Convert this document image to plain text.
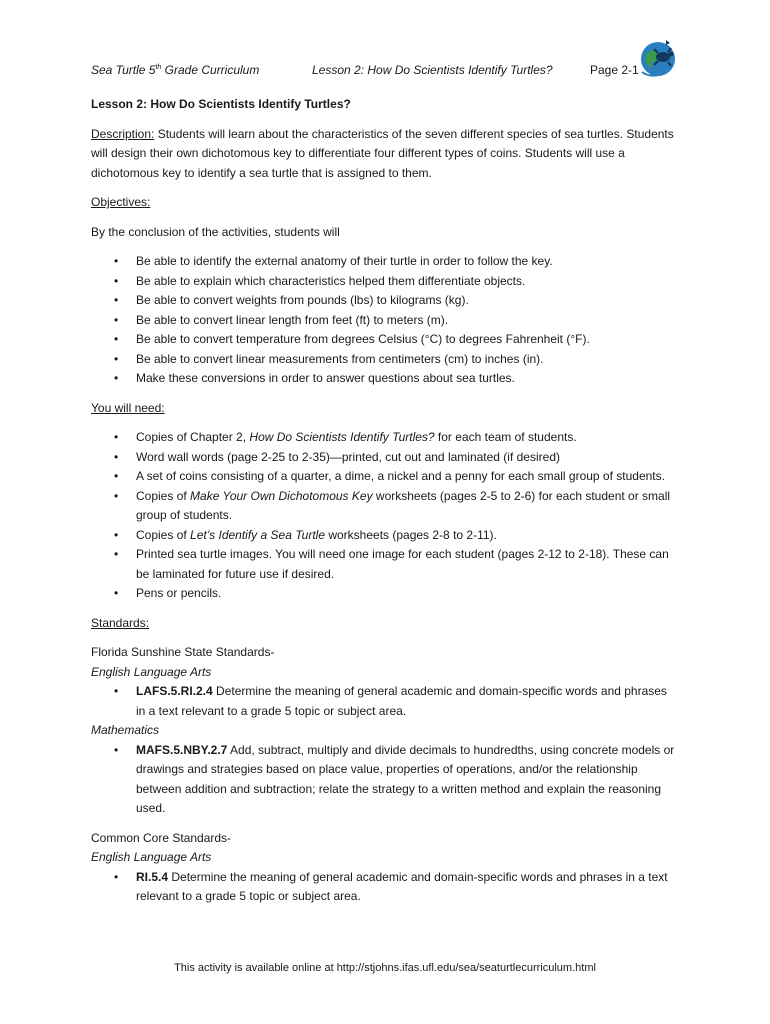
Sea Turtle 5th Grade Curriculum	Lesson 2: How Do Scientists Identify Turtles?	Page 2-1

Lesson 2: How Do Scientists Identify Turtles?

Description: Students will learn about the characteristics of the seven different species of sea turtles. Students will design their own dichotomous key to differentiate four different types of coins. Students will use a dichotomous key to identify a sea turtle that is assigned to them.

Objectives:

By the conclusion of the activities, students will

• Be able to identify the external anatomy of their turtle in order to follow the key.
• Be able to explain which characteristics helped them differentiate objects.
• Be able to convert weights from pounds (lbs) to kilograms (kg).
• Be able to convert linear length from feet (ft) to meters (m).
• Be able to convert temperature from degrees Celsius (°C) to degrees Fahrenheit (°F).
• Be able to convert linear measurements from centimeters (cm) to inches (in).
• Make these conversions in order to answer questions about sea turtles.

You will need:

• Copies of Chapter 2, How Do Scientists Identify Turtles? for each team of students.
• Word wall words (page 2-25 to 2-35)—printed, cut out and laminated (if desired)
• A set of coins consisting of a quarter, a dime, a nickel and a penny for each small group of students.
• Copies of Make Your Own Dichotomous Key worksheets (pages 2-5 to 2-6) for each student or small group of students.
• Copies of Let’s Identify a Sea Turtle worksheets (pages 2-8 to 2-11).
• Printed sea turtle images. You will need one image for each student (pages 2-12 to 2-18). These can be laminated for future use if desired.
• Pens or pencils.

Standards:

Florida Sunshine State Standards-

English Language Arts

• LAFS.5.RI.2.4 Determine the meaning of general academic and domain-specific words and phrases in a text relevant to a grade 5 topic or subject area.

Mathematics

• MAFS.5.NBY.2.7 Add, subtract, multiply and divide decimals to hundredths, using concrete models or drawings and strategies based on place value, properties of operations, and/or the relationship between addition and subtraction; relate the strategy to a written method and explain the reasoning used.

Common Core Standards-

English Language Arts

• RI.5.4 Determine the meaning of general academic and domain-specific words and phrases in a text relevant to a grade 5 topic or subject area.
This activity is available online at http://stjohns.ifas.ufl.edu/sea/seaturtlecurriculum.html
